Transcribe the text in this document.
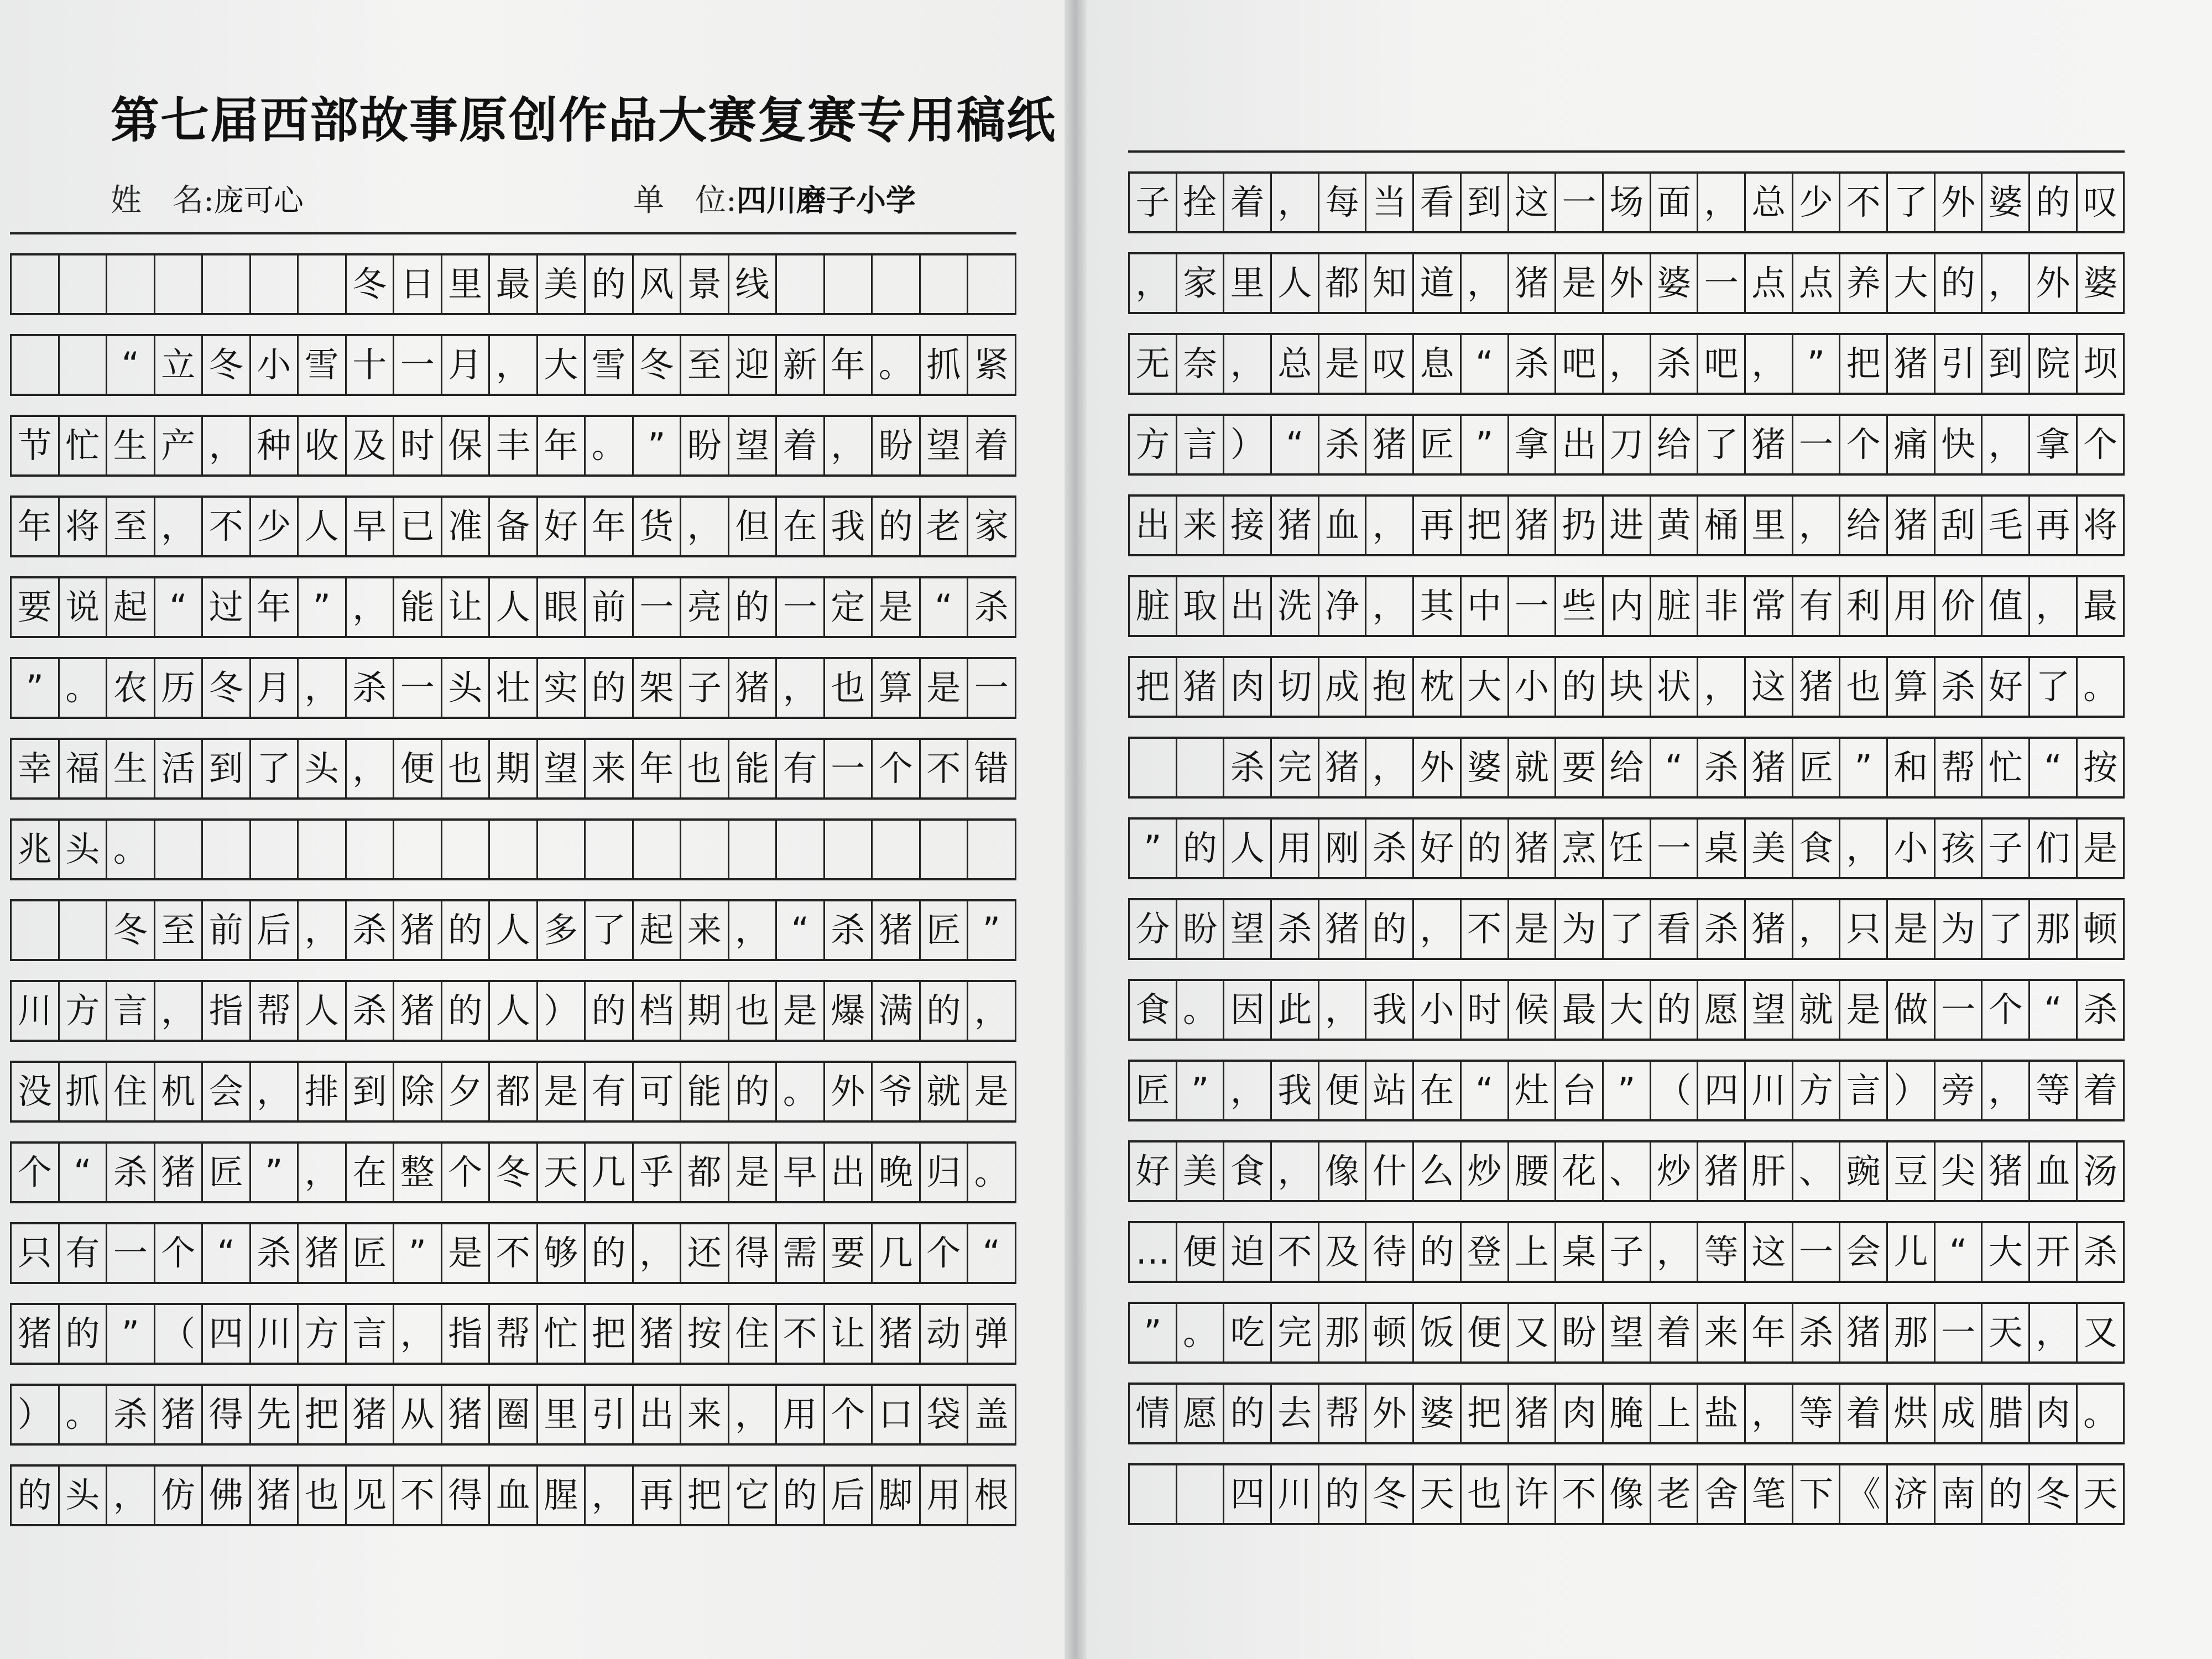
第七届西部故事原创作品大赛复赛专用稿纸
姓　名:庞可心	单　位:四川磨子小学
冬 日 里 最 美 的 风 景 线
“ 立 冬 小 雪 十 一 月 ， 大 雪 冬 至 迎 新 年 。 抓 紧
节 忙 生 产 ， 种 收 及 时 保 丰 年 。 ” 盼 望 着 ， 盼 望 着
年 将 至 ， 不 少 人 早 已 准 备 好 年 货 ， 但 在 我 的 老 家
要 说 起 “ 过 年 ” ， 能 让 人 眼 前 一 亮 的 一 定 是 “ 杀
” 。 农 历 冬 月 ， 杀 一 头 壮 实 的 架 子 猪 ， 也 算 是 一
幸 福 生 活 到 了 头 ， 便 也 期 望 来 年 也 能 有 一 个 不 错
兆 头 。
冬 至 前 后 ， 杀 猪 的 人 多 了 起 来 ， “ 杀 猪 匠 ”
川 方 言 ， 指 帮 人 杀 猪 的 人 ） 的 档 期 也 是 爆 满 的 ，
没 抓 住 机 会 ， 排 到 除 夕 都 是 有 可 能 的 。 外 爷 就 是
个 “ 杀 猪 匠 ” ， 在 整 个 冬 天 几 乎 都 是 早 出 晚 归 。
只 有 一 个 “ 杀 猪 匠 ” 是 不 够 的 ， 还 得 需 要 几 个 “
猪 的 ” （ 四 川 方 言 ， 指 帮 忙 把 猪 按 住 不 让 猪 动 弹
） 。 杀 猪 得 先 把 猪 从 猪 圈 里 引 出 来 ， 用 个 口 袋 盖
的 头 ， 仿 佛 猪 也 见 不 得 血 腥 ， 再 把 它 的 后 脚 用 根
子 拴 着 ， 每 当 看 到 这 一 场 面 ， 总 少 不 了 外 婆 的 叹
， 家 里 人 都 知 道 ， 猪 是 外 婆 一 点 点 养 大 的 ， 外 婆
无 奈 ， 总 是 叹 息 “ 杀 吧 ， 杀 吧 ， ” 把 猪 引 到 院 坝
方 言 ） “ 杀 猪 匠 ” 拿 出 刀 给 了 猪 一 个 痛 快 ， 拿 个
出 来 接 猪 血 ， 再 把 猪 扔 进 黄 桶 里 ， 给 猪 刮 毛 再 将
脏 取 出 洗 净 ， 其 中 一 些 内 脏 非 常 有 利 用 价 值 ， 最
把 猪 肉 切 成 抱 枕 大 小 的 块 状 ， 这 猪 也 算 杀 好 了 。
杀 完 猪 ， 外 婆 就 要 给 “ 杀 猪 匠 ” 和 帮 忙 “ 按
” 的 人 用 刚 杀 好 的 猪 烹 饪 一 桌 美 食 ， 小 孩 子 们 是
分 盼 望 杀 猪 的 ， 不 是 为 了 看 杀 猪 ， 只 是 为 了 那 顿
食 。 因 此 ， 我 小 时 候 最 大 的 愿 望 就 是 做 一 个 “ 杀
匠 ” ， 我 便 站 在 “ 灶 台 ” （ 四 川 方 言 ） 旁 ， 等 着
好 美 食 ， 像 什 么 炒 腰 花 、 炒 猪 肝 、 豌 豆 尖 猪 血 汤
… 便 迫 不 及 待 的 登 上 桌 子 ， 等 这 一 会 儿 “ 大 开 杀
” 。 吃 完 那 顿 饭 便 又 盼 望 着 来 年 杀 猪 那 一 天 ， 又
情 愿 的 去 帮 外 婆 把 猪 肉 腌 上 盐 ， 等 着 烘 成 腊 肉 。
四 川 的 冬 天 也 许 不 像 老 舍 笔 下 《 济 南 的 冬 天
